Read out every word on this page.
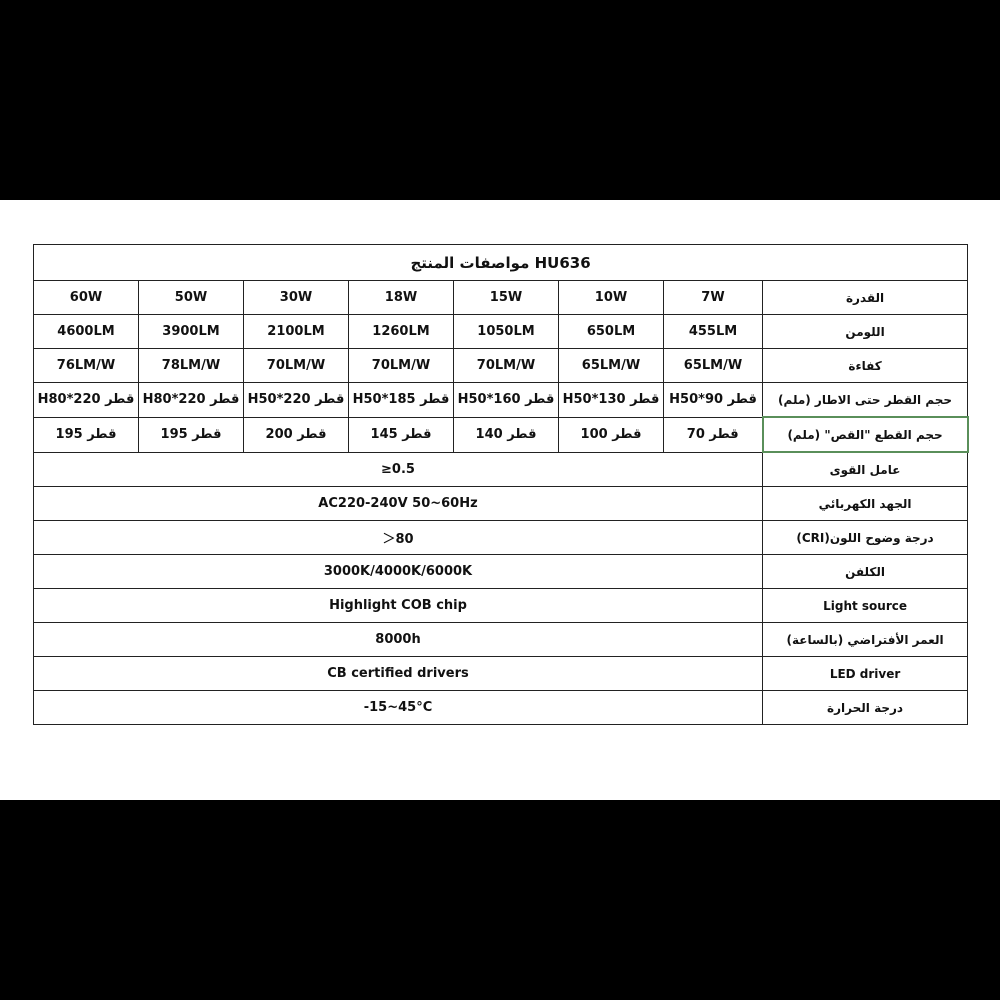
مواصفات المنتج HU636							
60W	50W	30W	18W	15W	10W	7W	القدرة
4600LM	3900LM	2100LM	1260LM	1050LM	650LM	455LM	اللومن
76LM/W	78LM/W	70LM/W	70LM/W	70LM/W	65LM/W	65LM/W	كفاءة
قطر 220*H80	قطر 220*H80	قطر 220*H50	قطر 185*H50	قطر 160*H50	قطر 130*H50	قطر 90*H50	حجم القطر حتى الاطار (ملم)
قطر 195	قطر 195	قطر 200	قطر 145	قطر 140	قطر 100	قطر 70	حجم القطع "القص" (ملم)
≥0.5							عامل القوى
AC220-240V 50~60Hz							الجهد الكهربائي
＞80							درجة وضوح اللون(CRI)
3000K/4000K/6000K							الكلفن
Highlight COB chip							Light source
8000h							العمر الأفتراضي (بالساعة)
CB certified drivers							LED driver
-15~45°C							درجة الحرارة
